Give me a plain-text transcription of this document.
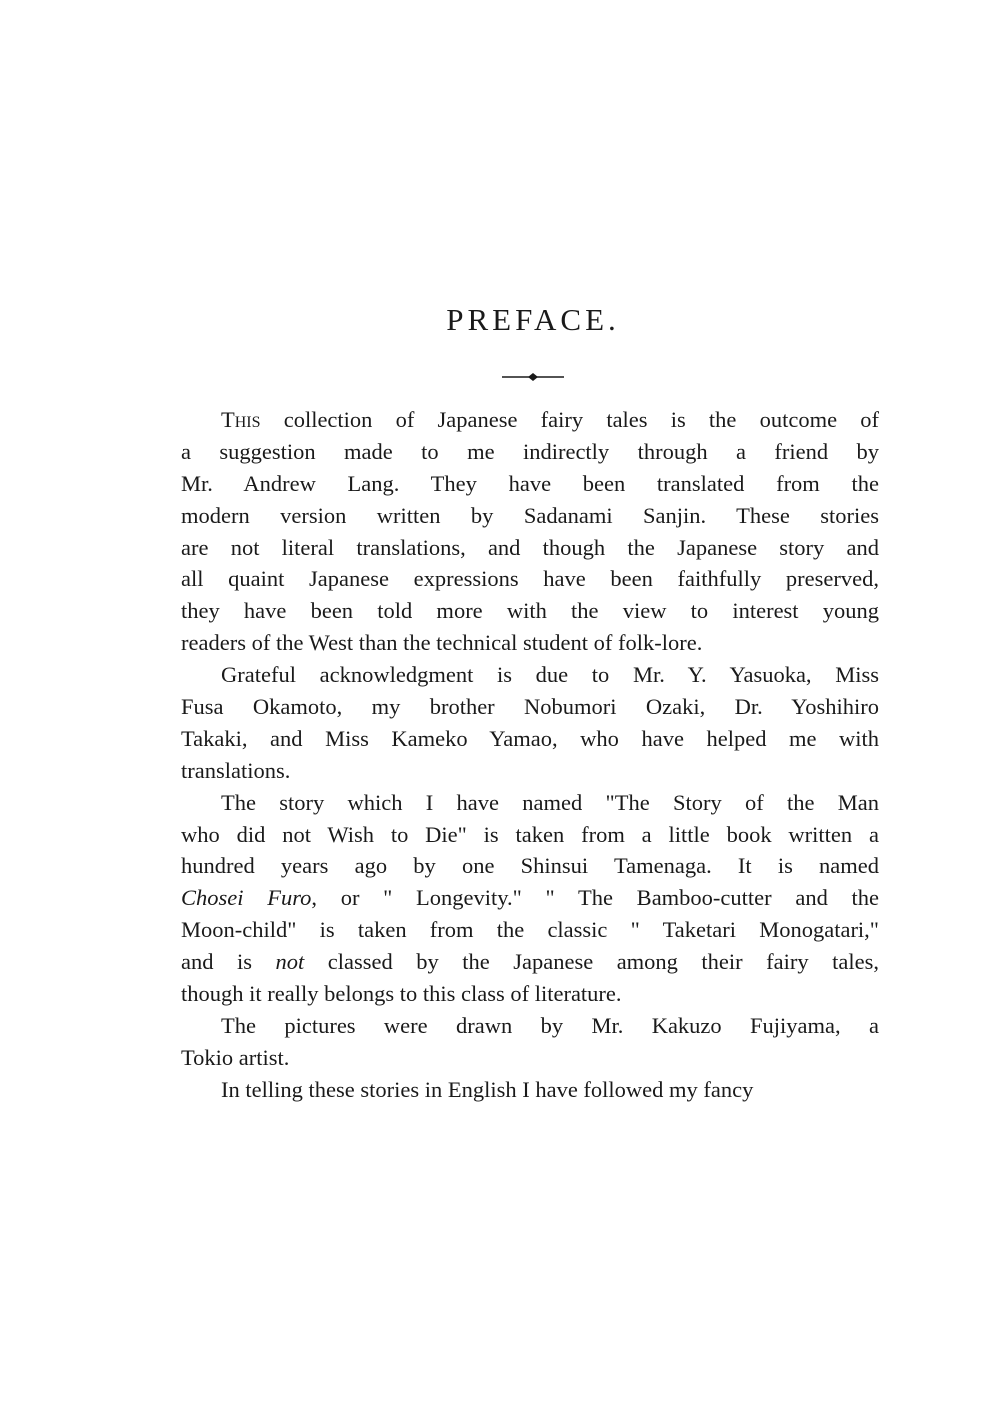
PREFACE.
This collection of Japanese fairy tales is the outcome of
a suggestion made to me indirectly through a friend by
Mr. Andrew Lang. They have been translated from the
modern version written by Sadanami Sanjin. These stories
are not literal translations, and though the Japanese story and
all quaint Japanese expressions have been faithfully preserved,
they have been told more with the view to interest young
readers of the West than the technical student of folk-lore.
Grateful acknowledgment is due to Mr. Y. Yasuoka, Miss
Fusa Okamoto, my brother Nobumori Ozaki, Dr. Yoshihiro
Takaki, and Miss Kameko Yamao, who have helped me with
translations.
The story which I have named "The Story of the Man
who did not Wish to Die" is taken from a little book written a
hundred years ago by one Shinsui Tamenaga. It is named
Chosei Furo, or " Longevity." " The Bamboo-cutter and the
Moon-child" is taken from the classic " Taketari Monogatari,"
and is not classed by the Japanese among their fairy tales,
though it really belongs to this class of literature.
The pictures were drawn by Mr. Kakuzo Fujiyama, a
Tokio artist.
In telling these stories in English I have followed my fancy
